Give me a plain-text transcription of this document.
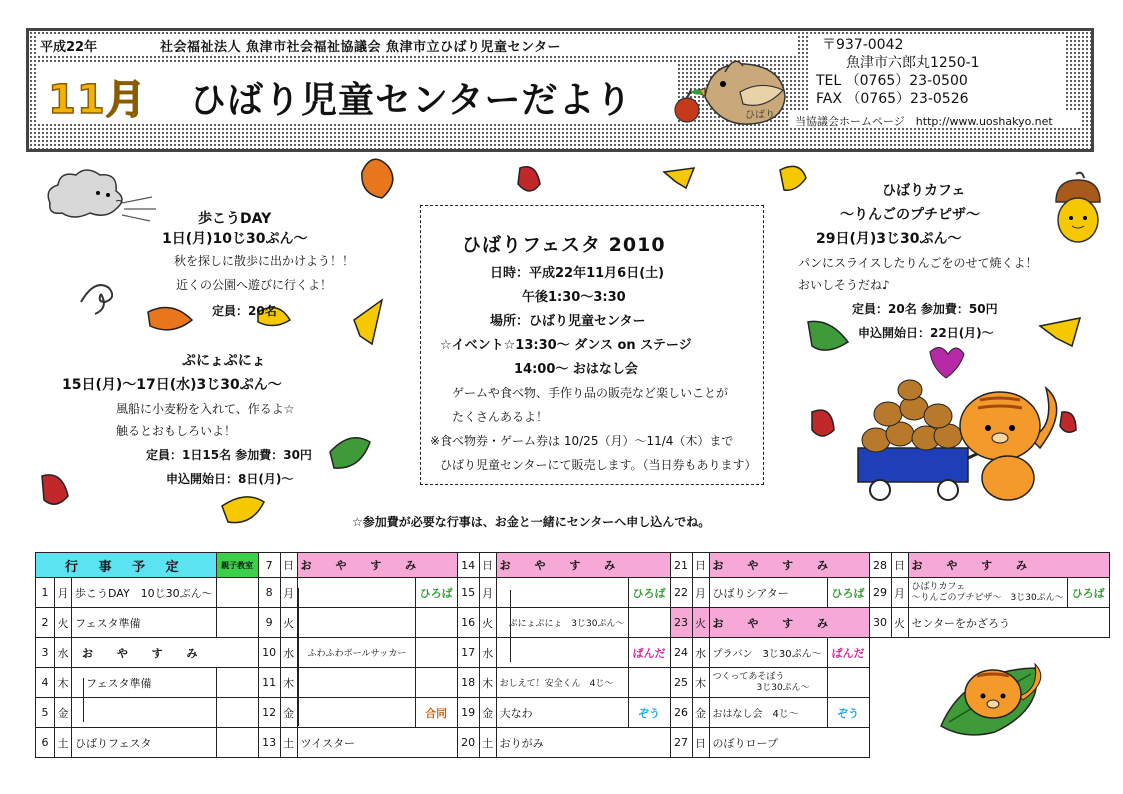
平成22年	社会福祉法人 魚津市社会福祉協議会 魚津市立ひばり児童センター
11月 ひばり児童センターだより	ひばり
〒937-0042
魚津市六郎丸1250-1
TEL （0765）23-0500
FAX （0765）23-0526
当協議会ホームページ　http://www.uoshakyo.net
歩こうDAY
1日(月)10じ30ぷん～
秋を探しに散歩に出かけよう！！
近くの公園へ遊びに行くよ！
定員：20名
ぷにょぷにょ
15日(月)～17日(水)3じ30ぷん～
風船に小麦粉を入れて、作るよ☆
触るとおもしろいよ！
定員：1日15名 参加費：30円
申込開始日：8日(月)～
ひばりフェスタ 2010
日時：平成22年11月6日(土)
午後1:30～3:30
場所：ひばり児童センター
☆イベント☆13:30～ ダンス on ステージ
14:00～ おはなし会
ゲームや食べ物、手作り品の販売など楽しいことが
たくさんあるよ！
※食べ物券・ゲーム券は 10/25（月）～11/4（木）まで
ひばり児童センターにて販売します。（当日券もあります）
ひばりカフェ
～りんごのプチピザ～
29日(月)3じ30ぷん～
パンにスライスしたりんごをのせて焼くよ！
おいしそうだね♪
定員：20名 参加費：50円
申込開始日：22日(月)～
☆参加費が必要な行事は、お金と一緒にセンターへ申し込んでね。
行 事 予 定			親子教室	7	日	お や す み		14	日	お や す み		21	日	お や す み		28	日	お や す み	
1	月	歩こうDAY　10じ30ぷん～		8	月		ひろば	15	月		ひろば	22	月	ひばりシアター	ひろば	29	月	ひばりカフェ
～りんごのプチピザ～　3じ30ぷん～	ひろば
2	火	フェスタ準備		9	火			16	火	ぷにょぷにょ　3じ30ぷん～		23	火	お や す み		30	火	センターをかざろう	
3	水	お や す み		10	水	ふわふわボールサッカー		17	水		ぱんだ	24	水	プラバン　3じ30ぷん～	ぱんだ				
4	木	フェスタ準備		11	木			18	木	おしえて！安全くん　4じ～		25	木	つくってあそぼう
3じ30ぷん～					

5	金			12	金		合同	19	金	大なわ	ぞう	26	金	おはなし会　4じ～	ぞう				
6	土	ひばりフェスタ		13	土	ツイスター		20	土	おりがみ		27	日	のぼりロープ					
